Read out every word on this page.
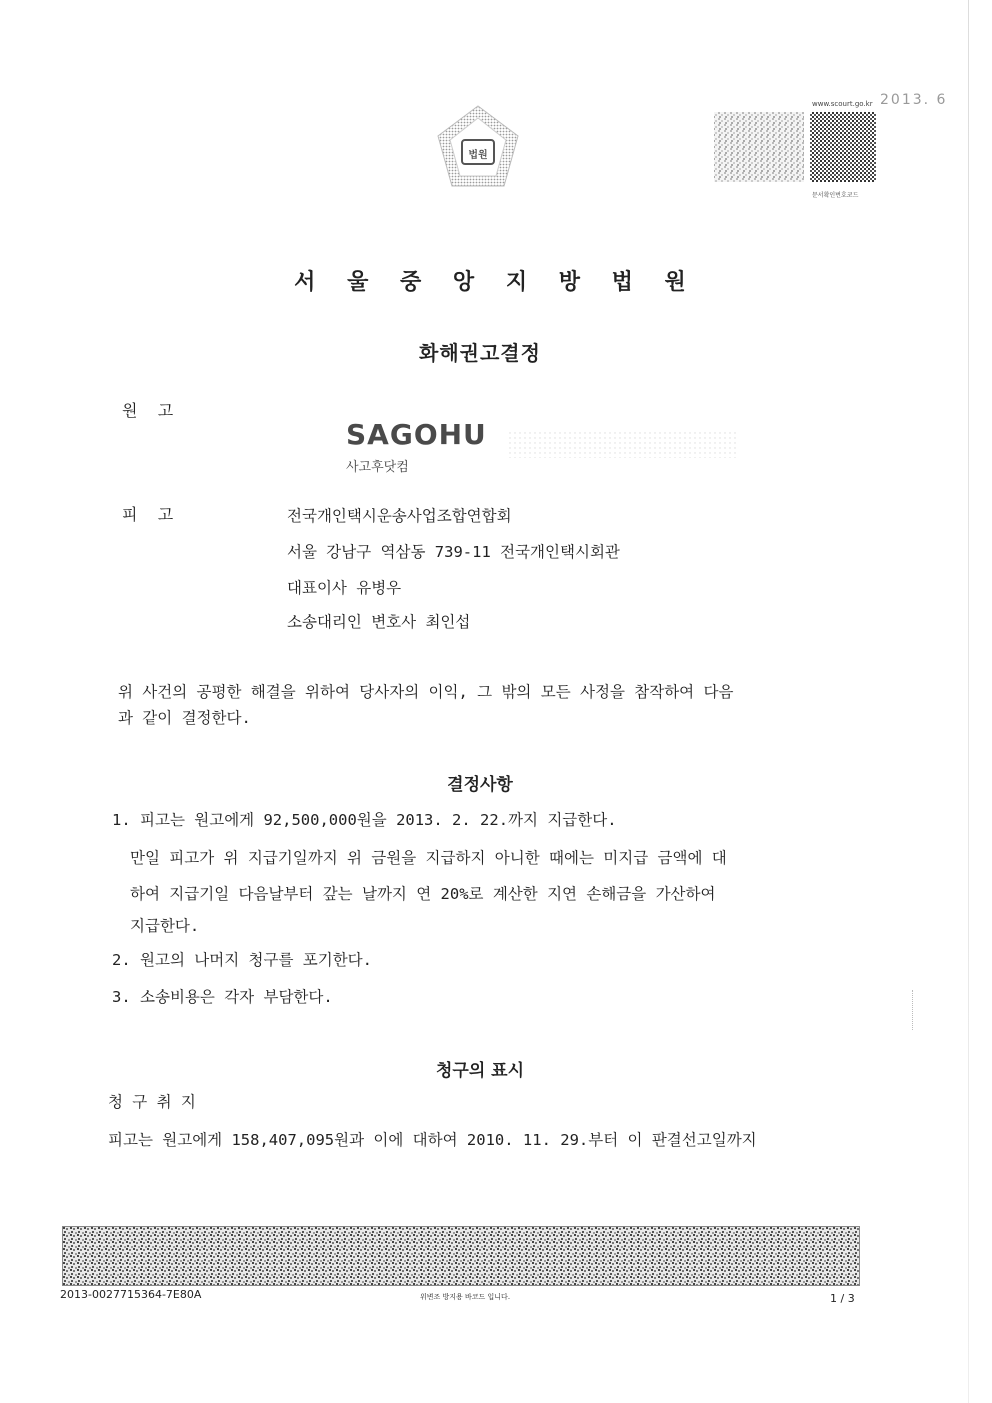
법원
www.scourt.go.kr 2013. 6
문서확인번호코드
서 울 중 앙 지 방 법 원
화해권고결정
원    고
SAGOHU
사고후닷컴
피    고	전국개인택시운송사업조합연합회
서울 강남구 역삼동 739-11 전국개인택시회관
대표이사 유병우
소송대리인 변호사 최인섭
위 사건의 공평한 해결을 위하여 당사자의 이익, 그 밖의 모든 사정을 참작하여 다음
과 같이 결정한다.
결정사항
1. 피고는 원고에게 92,500,000원을 2013. 2. 22.까지 지급한다.
만일 피고가 위 지급기일까지 위 금원을 지급하지 아니한 때에는 미지급 금액에 대
하여 지급기일 다음날부터 갚는 날까지 연 20%로 계산한 지연 손해금을 가산하여
지급한다.
2. 원고의 나머지 청구를 포기한다.
3. 소송비용은 각자 부담한다.
청구의 표시
청 구 취 지
피고는 원고에게 158,407,095원과 이에 대하여 2010. 11. 29.부터 이 판결선고일까지
2013-0027715364-7E80A	위변조 방지용 바코드 입니다.	1 / 3
